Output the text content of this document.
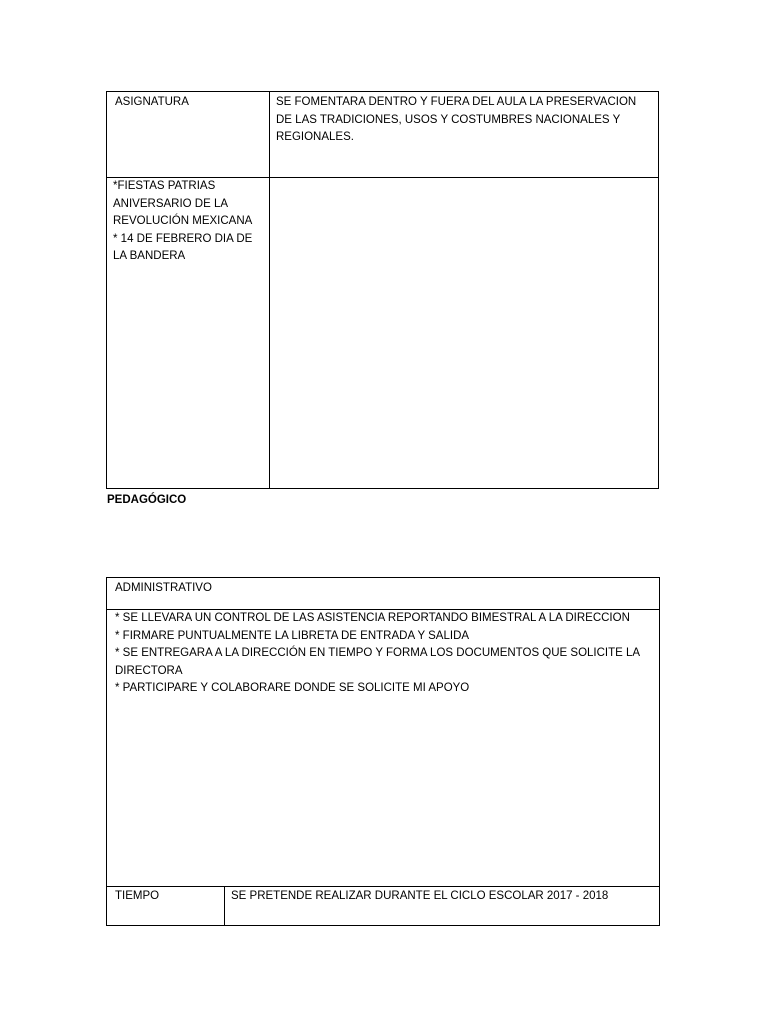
ASIGNATURA	SE FOMENTARA DENTRO Y FUERA DEL AULA LA PRESERVACION DE LAS TRADICIONES, USOS Y COSTUMBRES NACIONALES Y REGIONALES.
*FIESTAS PATRIAS
ANIVERSARIO DE LA
REVOLUCIÓN MEXICANA
* 14 DE FEBRERO DIA DE
LA BANDERA
PEDAGÓGICO
ADMINISTRATIVO
* SE LLEVARA UN CONTROL DE LAS ASISTENCIA REPORTANDO BIMESTRAL A LA DIRECCION
* FIRMARE PUNTUALMENTE LA LIBRETA DE ENTRADA Y SALIDA
* SE ENTREGARA A LA DIRECCIÓN EN TIEMPO Y FORMA LOS DOCUMENTOS QUE SOLICITE LA DIRECTORA
* PARTICIPARE Y COLABORARE DONDE SE SOLICITE MI APOYO
TIEMPO	SE PRETENDE REALIZAR DURANTE EL CICLO ESCOLAR 2017 - 2018
